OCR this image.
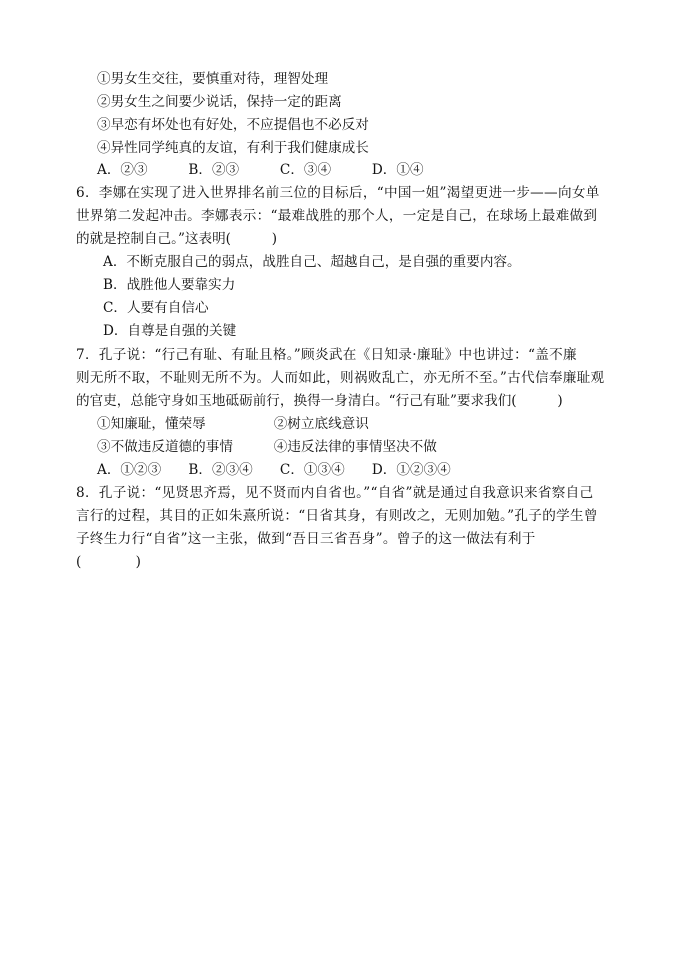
①男女生交往，要慎重对待，理智处理
②男女生之间要少说话，保持一定的距离
③早恋有坏处也有好处，不应提倡也不必反对
④异性同学纯真的友谊，有利于我们健康成长
A．②③　　　B．②③　　　C．③④　　　D．①④
6．李娜在实现了进入世界排名前三位的目标后，“中国一姐”渴望更进一步——向女单
世界第二发起冲击。李娜表示：“最难战胜的那个人，一定是自己，在球场上最难做到
的就是控制自己。”这表明(　　　)
A．不断克服自己的弱点，战胜自己、超越自己，是自强的重要内容。
B．战胜他人要靠实力
C．人要有自信心
D．自尊是自强的关键
7．孔子说：“行己有耻、有耻且格。”顾炎武在《日知录·廉耻》中也讲过：“盖不廉
则无所不取，不耻则无所不为。人而如此，则祸败乱亡，亦无所不至。”古代信奉廉耻观
的官吏，总能守身如玉地砥砺前行，换得一身清白。“行己有耻”要求我们(　　　)
①知廉耻，懂荣辱　　　　　②树立底线意识
③不做违反道德的事情　　　④违反法律的事情坚决不做
A．①②③　　B．②③④　　C．①③④　　D．①②③④
8．孔子说：“见贤思齐焉，见不贤而内自省也。”“自省”就是通过自我意识来省察自己
言行的过程，其目的正如朱熹所说：“日省其身，有则改之，无则加勉。”孔子的学生曾
子终生力行“自省”这一主张，做到“吾日三省吾身”。曾子的这一做法有利于
(　　　　)
